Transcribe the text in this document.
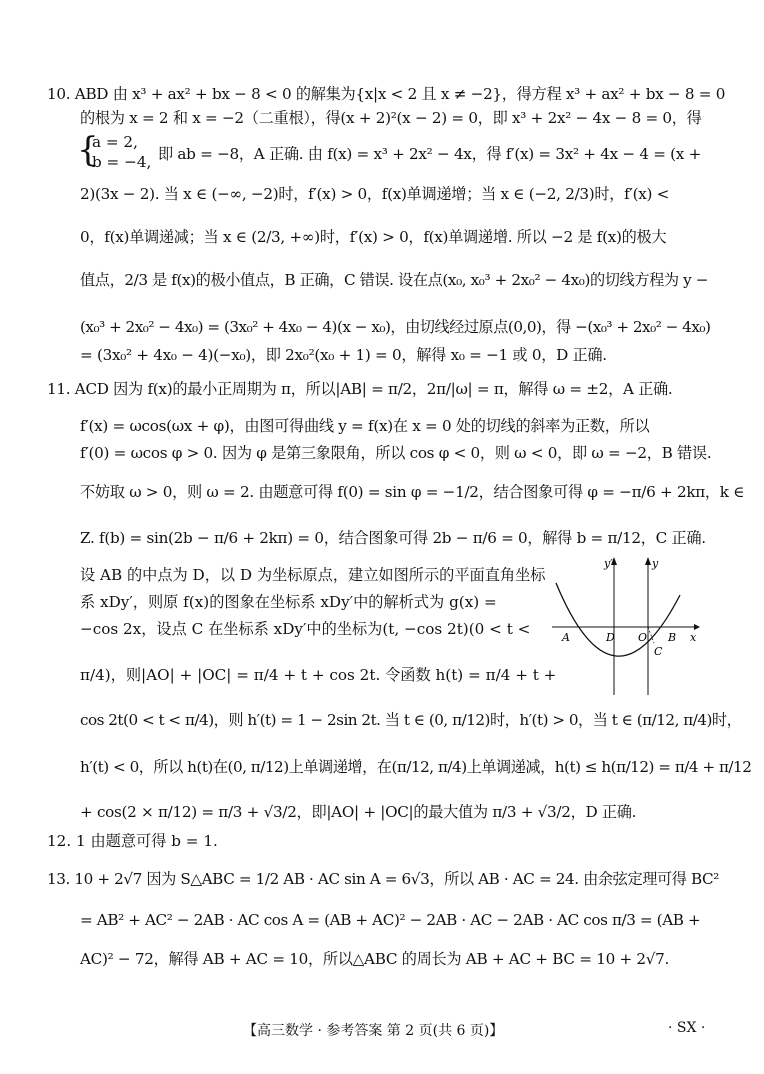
10. ABD 由 x³ + ax² + bx − 8 < 0 的解集为{x|x < 2 且 x ≠ −2}，得方程 x³ + ax² + bx − 8 = 0
的根为 x = 2 和 x = −2（二重根），得(x + 2)²(x − 2) = 0，即 x³ + 2x² − 4x − 8 = 0，得
{
a = 2,
b = −4, 即 ab = −8，A 正确. 由 f(x) = x³ + 2x² − 4x，得 f′(x) = 3x² + 4x − 4 = (x +
2)(3x − 2). 当 x ∈ (−∞, −2)时，f′(x) > 0，f(x)单调递增；当 x ∈ (−2, 2/3)时，f′(x) <
0，f(x)单调递减；当 x ∈ (2/3, +∞)时，f′(x) > 0，f(x)单调递增. 所以 −2 是 f(x)的极大
值点，2/3 是 f(x)的极小值点，B 正确，C 错误. 设在点(x₀, x₀³ + 2x₀² − 4x₀)的切线方程为 y −
(x₀³ + 2x₀² − 4x₀) = (3x₀² + 4x₀ − 4)(x − x₀)，由切线经过原点(0,0)，得 −(x₀³ + 2x₀² − 4x₀)
= (3x₀² + 4x₀ − 4)(−x₀)，即 2x₀²(x₀ + 1) = 0，解得 x₀ = −1 或 0，D 正确.
11. ACD 因为 f(x)的最小正周期为 π，所以|AB| = π/2，2π/|ω| = π，解得 ω = ±2，A 正确.
f′(x) = ωcos(ωx + φ)，由图可得曲线 y = f(x)在 x = 0 处的切线的斜率为正数，所以
f′(0) = ωcos φ > 0. 因为 φ 是第三象限角，所以 cos φ < 0，则 ω < 0，即 ω = −2，B 错误.
不妨取 ω > 0，则 ω = 2. 由题意可得 f(0) = sin φ = −1/2，结合图象可得 φ = −π/6 + 2kπ，k ∈
Z. f(b) = sin(2b − π/6 + 2kπ) = 0，结合图象可得 2b − π/6 = 0，解得 b = π/12，C 正确.
设 AB 的中点为 D，以 D 为坐标原点，建立如图所示的平面直角坐标
系 xDy′，则原 f(x)的图象在坐标系 xDy′中的解析式为 g(x) =
−cos 2x，设点 C 在坐标系 xDy′中的坐标为(t, −cos 2t)(0 < t <
π/4)，则|AO| + |OC| = π/4 + t + cos 2t. 令函数 h(t) = π/4 + t +
cos 2t(0 < t < π/4)，则 h′(t) = 1 − 2sin 2t. 当 t ∈ (0, π/12)时，h′(t) > 0，当 t ∈ (π/12, π/4)时，
h′(t) < 0，所以 h(t)在(0, π/12)上单调递增，在(π/12, π/4)上单调递减，h(t) ≤ h(π/12) = π/4 + π/12
+ cos(2 × π/12) = π/3 + √3/2，即|AO| + |OC|的最大值为 π/3 + √3/2，D 正确.
12. 1 由题意可得 b = 1.
13. 10 + 2√7 因为 S△ABC = 1/2 AB · AC sin A = 6√3，所以 AB · AC = 24. 由余弦定理可得 BC²
= AB² + AC² − 2AB · AC cos A = (AB + AC)² − 2AB · AC − 2AB · AC cos π/3 = (AB +
AC)² − 72，解得 AB + AC = 10，所以△ABC 的周长为 AB + AC + BC = 10 + 2√7.
y′	y
A	D O B x
C
【高三数学 · 参考答案 第 2 页(共 6 页)】	· SX ·
